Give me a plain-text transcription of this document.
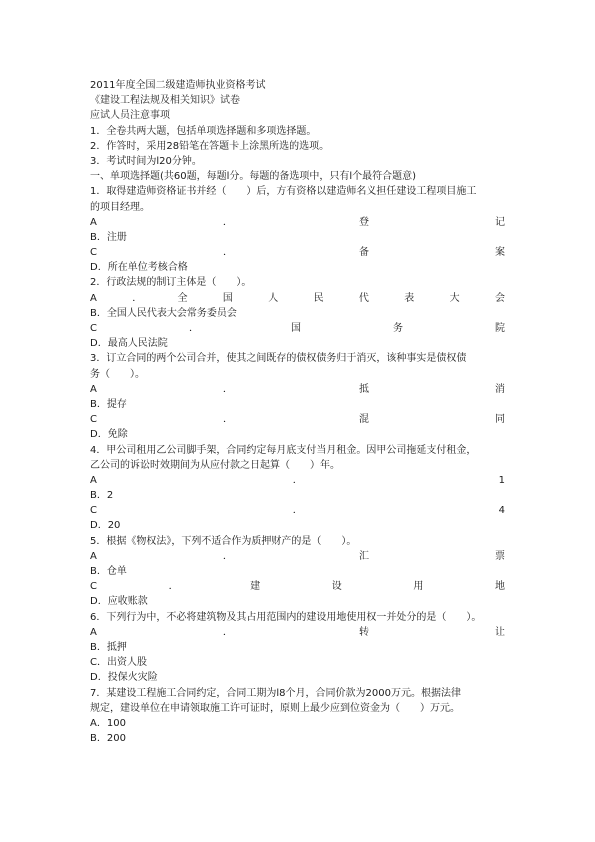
2011年度全国二级建造师执业资格考试
《建设工程法规及相关知识》试卷
应试人员注意事项
1．全卷共两大题，包括单项选择题和多项选择题。
2．作答时，采用28铅笔在答题卡上涂黑所选的选项。
3．考试时间为l20分钟。
一、单项选择题(共60题，每题l分。每题的备选项中，只有l个最符合题意)
1．取得建造师资格证书并经（　　）后，方有资格以建造师名义担任建设工程项目施工
的项目经理。
A	．	登	记
B．注册
C	．	备	案
D．所在单位考核合格
2．行政法规的制订主体是（　　）。
A	．	全	国	人	民	代	表	大	会
B．全国人民代表大会常务委员会
C	．	国	务	院
D．最高人民法院
3．订立合同的两个公司合并，使其之间既存的债权债务归于消灭，该种事实是债权债
务（　　）。
A	．	抵	消
B．提存
C	．	混	同
D．免除
4．甲公司租用乙公司脚手架，合同约定每月底支付当月租金。因甲公司拖延支付租金，
乙公司的诉讼时效期间为从应付款之日起算（　　）年。
A	．	1
B．2
C	．	4
D．20
5．根据《物权法》，下列不适合作为质押财产的是（　　）。
A	．	汇	票
B．仓单
C	．	建	设	用	地
D．应收账款
6．下列行为中，不必将建筑物及其占用范围内的建设用地使用权一并处分的是（　　）。
A	．	转	让
B．抵押
C．出资人股
D．投保火灾险
7．某建设工程施工合同约定，合同工期为l8个月，合同价款为2000万元。根据法律
规定，建设单位在申请领取施工许可证时，原则上最少应到位资金为（　　）万元。
A．100
B．200
